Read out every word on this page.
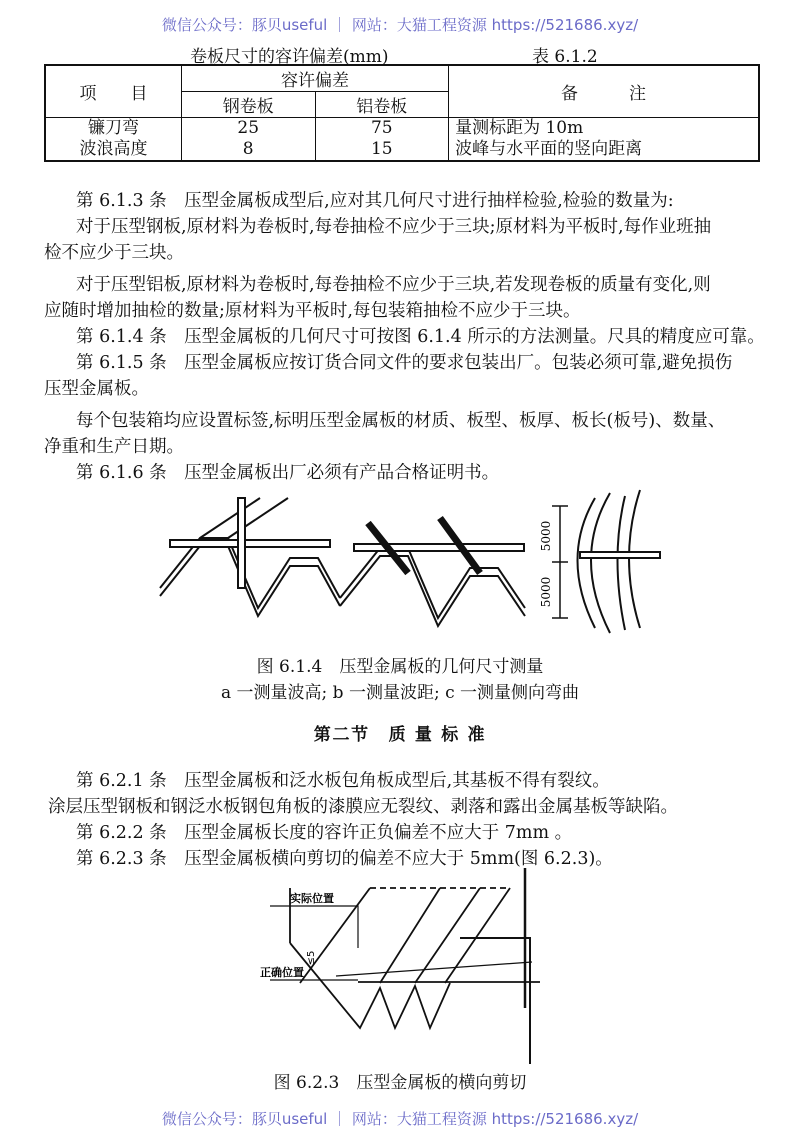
微信公众号：豚贝useful ｜ 网站：大猫工程资源 https://521686.xyz/
卷板尺寸的容许偏差(mm)	表 6.1.2
项　　目	容许偏差		备　　　注
	钢卷板	铝卷板	
镰刀弯	25	75	量测标距为 10m
波浪高度	8	15	波峰与水平面的竖向距离
第 6.1.3 条　压型金属板成型后,应对其几何尺寸进行抽样检验,检验的数量为:
对于压型钢板,原材料为卷板时,每卷抽检不应少于三块;原材料为平板时,每作业班抽
检不应少于三块。
对于压型铝板,原材料为卷板时,每卷抽检不应少于三块,若发现卷板的质量有变化,则
应随时增加抽检的数量;原材料为平板时,每包装箱抽检不应少于三块。
第 6.1.4 条　压型金属板的几何尺寸可按图 6.1.4 所示的方法测量。尺具的精度应可靠。
第 6.1.5 条　压型金属板应按订货合同文件的要求包装出厂。包装必须可靠,避免损伤
压型金属板。
每个包装箱均应设置标签,标明压型金属板的材质、板型、板厚、板长(板号)、数量、
净重和生产日期。
第 6.1.6 条　压型金属板出厂必须有产品合格证明书。
5000
5000
图 6.1.4　压型金属板的几何尺寸测量
a 一测量波高; b 一测量波距; c 一测量侧向弯曲
第二节　质 量 标 准
第 6.2.1 条　压型金属板和泛水板包角板成型后,其基板不得有裂纹。
涂层压型钢板和钢泛水板钢包角板的漆膜应无裂纹、剥落和露出金属基板等缺陷。
第 6.2.2 条　压型金属板长度的容许正负偏差不应大于 7mm 。
第 6.2.3 条　压型金属板横向剪切的偏差不应大于 5mm(图 6.2.3)。
实际位置
正确位置
≤5
图 6.2.3　压型金属板的横向剪切
微信公众号：豚贝useful ｜ 网站：大猫工程资源 https://521686.xyz/
